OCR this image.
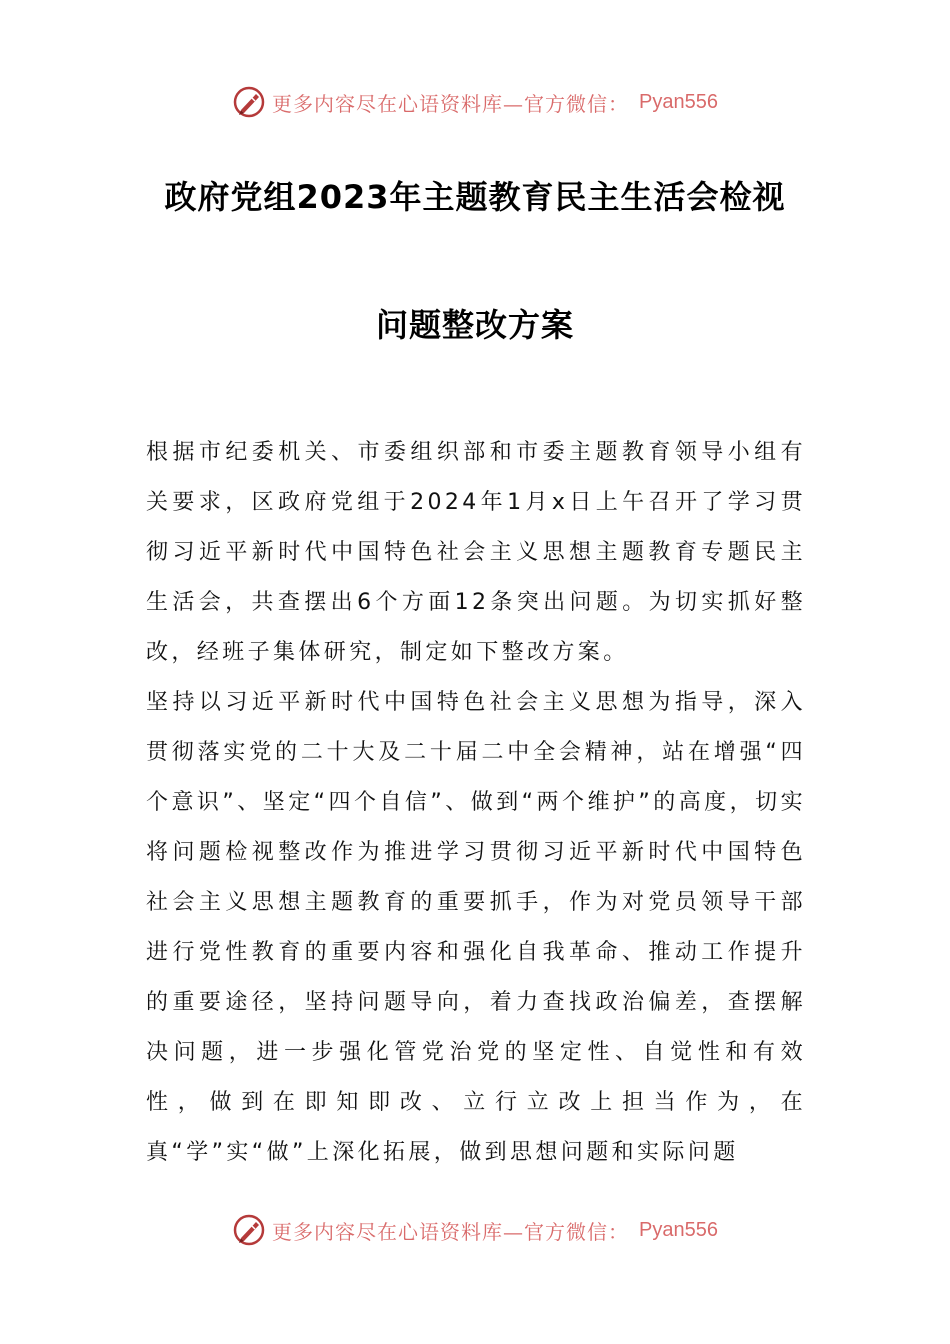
更多内容尽在心语资料库—官方微信： Pyan556
政府党组2023年主题教育民主生活会检视
问题整改方案

根据市纪委机关、市委组织部和市委主题教育领导小组有关要求，区政府党组于2024年1月x日上午召开了学习贯彻习近平新时代中国特色社会主义思想主题教育专题民主生活会，共查摆出6个方面12条突出问题。为切实抓好整改，经班子集体研究，制定如下整改方案。

坚持以习近平新时代中国特色社会主义思想为指导，深入贯彻落实党的二十大及二十届二中全会精神，站在增强“四个意识”、坚定“四个自信”、做到“两个维护”的高度，切实将问题检视整改作为推进学习贯彻习近平新时代中国特色社会主义思想主题教育的重要抓手，作为对党员领导干部进行党性教育的重要内容和强化自我革命、推动工作提升的重要途径，坚持问题导向，着力查找政治偏差，查摆解决问题，进一步强化管党治党的坚定性、自觉性和有效性，做到在即知即改、立行立改上担当作为，在真“学”实“做”上深化拓展，做到思想问题和实际问题

更多内容尽在心语资料库—官方微信： Pyan556
